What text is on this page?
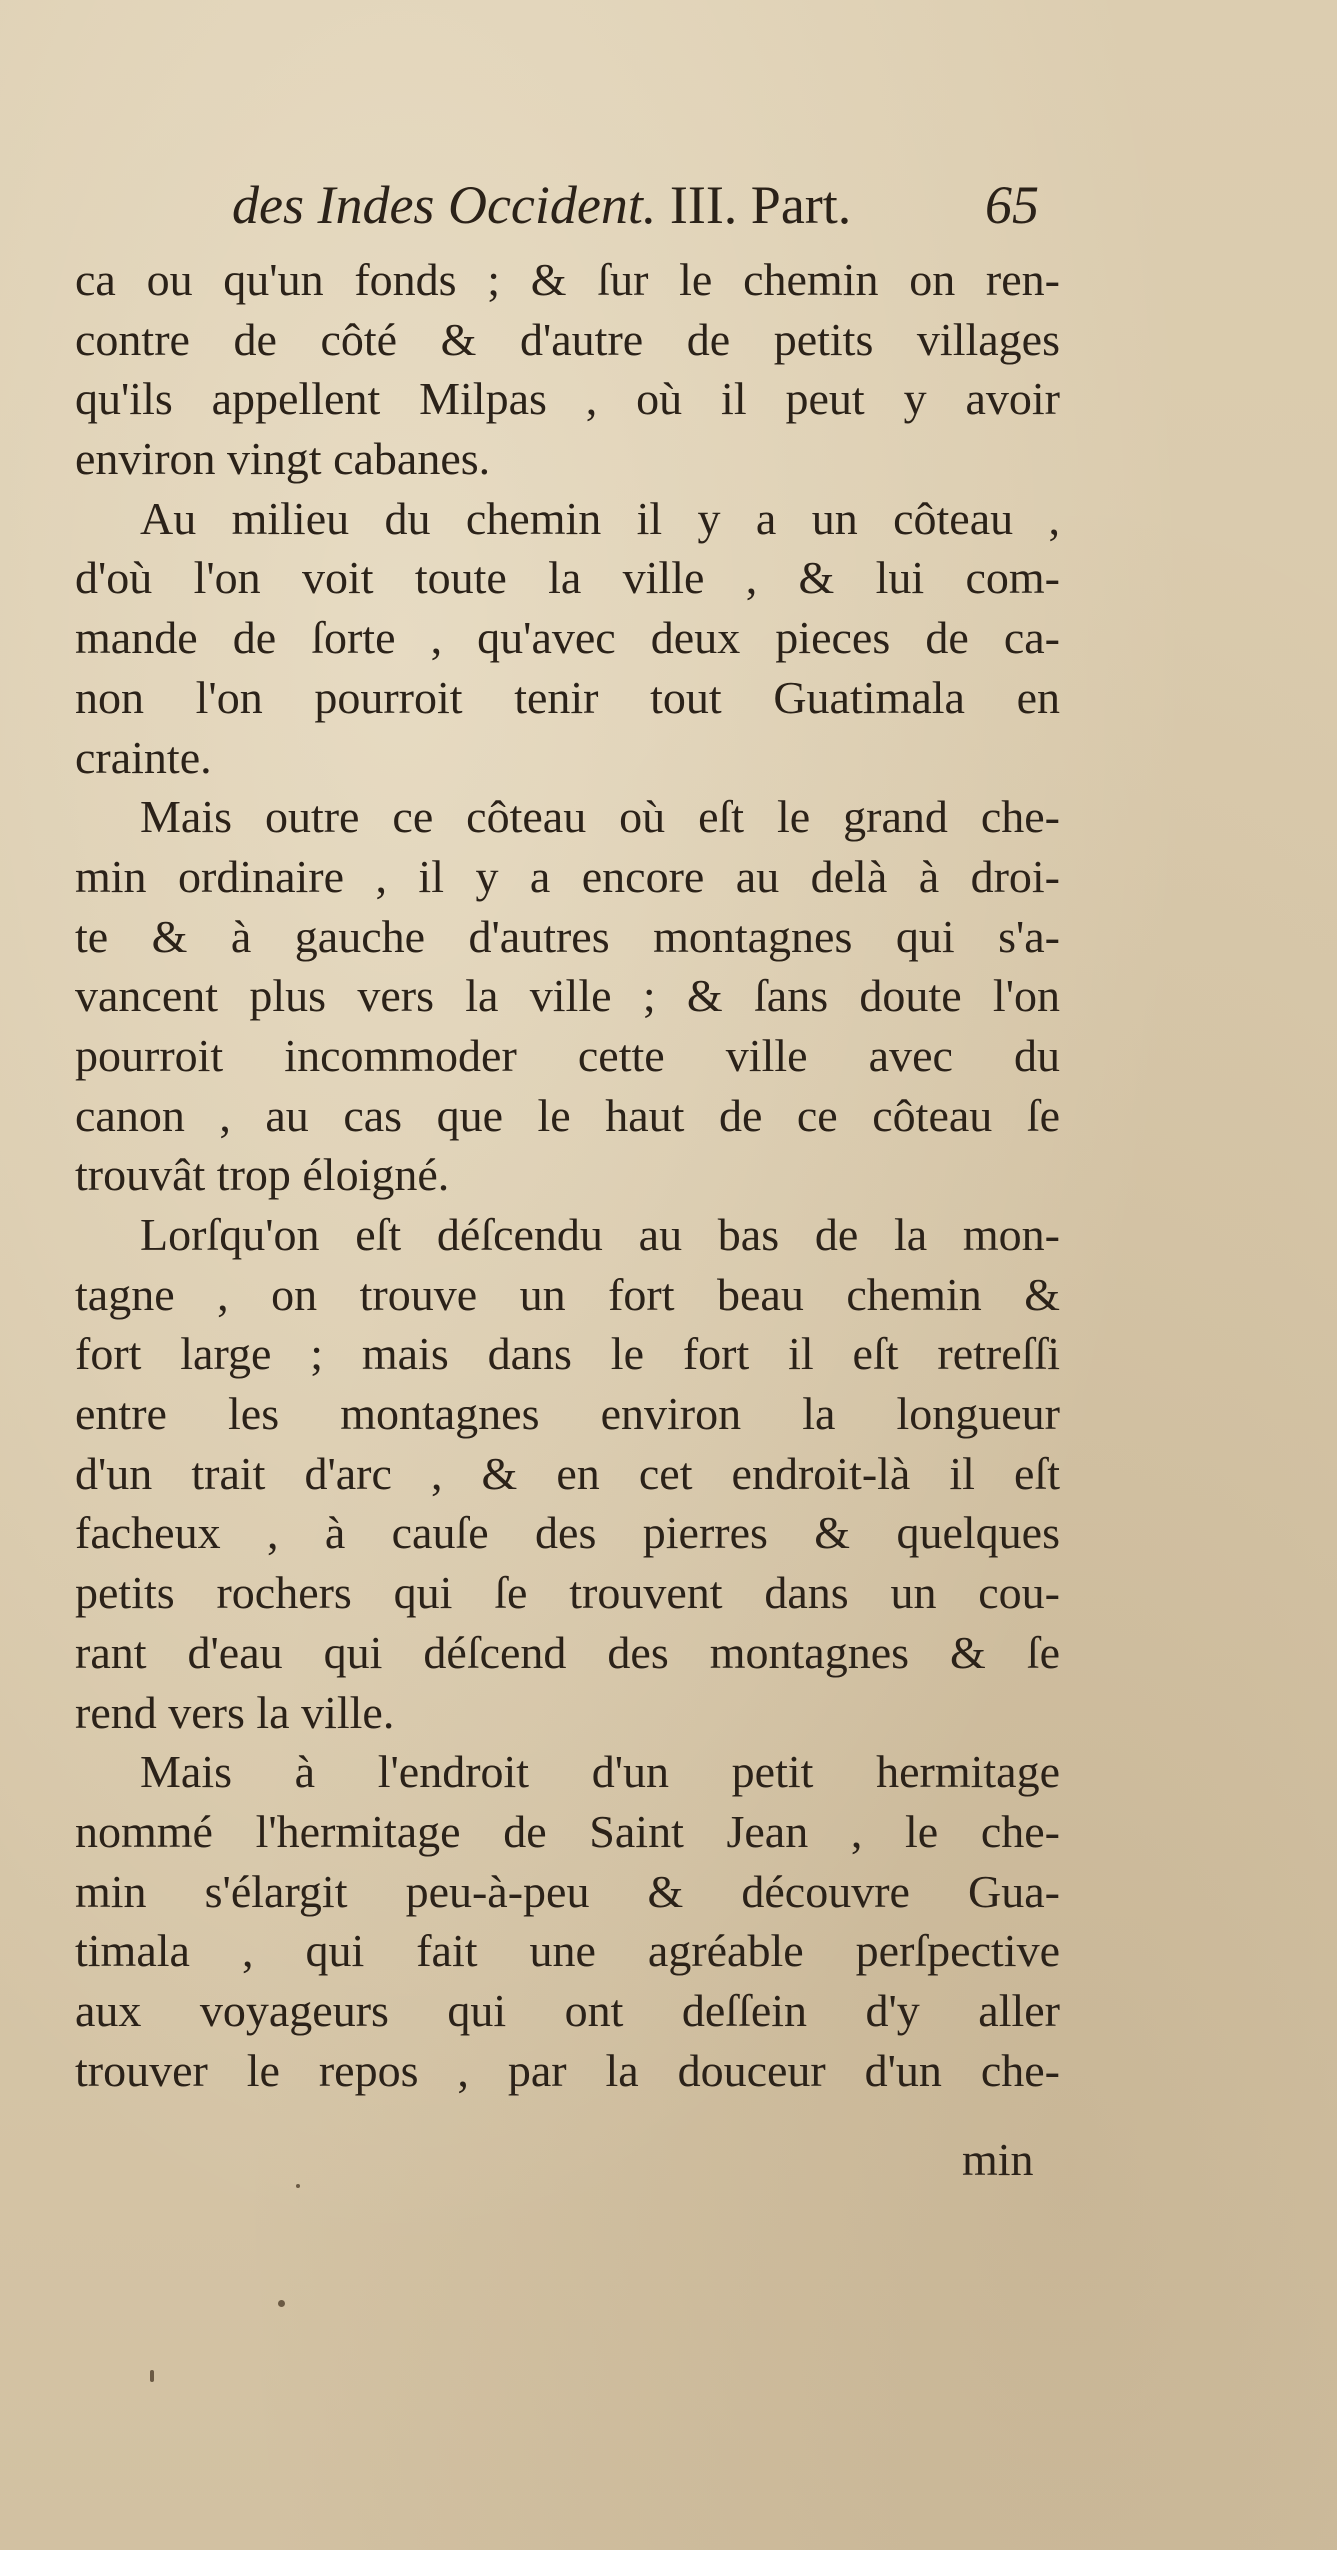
des Indes Occident. III. Part. 65
ca ou qu'un fonds ; & ſur le chemin on ren-
contre de côté & d'autre de petits villages
qu'ils appellent Milpas , où il peut y avoir
environ vingt cabanes.
Au milieu du chemin il y a un côteau ,
d'où l'on voit toute la ville , & lui com-
mande de ſorte , qu'avec deux pieces de ca-
non l'on pourroit tenir tout Guatimala en
crainte.
Mais outre ce côteau où eſt le grand che-
min ordinaire , il y a encore au delà à droi-
te & à gauche d'autres montagnes qui s'a-
vancent plus vers la ville ; & ſans doute l'on
pourroit incommoder cette ville avec du
canon , au cas que le haut de ce côteau ſe
trouvât trop éloigné.
Lorſqu'on eſt déſcendu au bas de la mon-
tagne , on trouve un fort beau chemin &
fort large ; mais dans le fort il eſt retreſſi
entre les montagnes environ la longueur
d'un trait d'arc , & en cet endroit-là il eſt
facheux , à cauſe des pierres & quelques
petits rochers qui ſe trouvent dans un cou-
rant d'eau qui déſcend des montagnes & ſe
rend vers la ville.
Mais à l'endroit d'un petit hermitage
nommé l'hermitage de Saint Jean , le che-
min s'élargit peu-à-peu & découvre Gua-
timala , qui fait une agréable perſpective
aux voyageurs qui ont deſſein d'y aller
trouver le repos , par la douceur d'un che-
min
